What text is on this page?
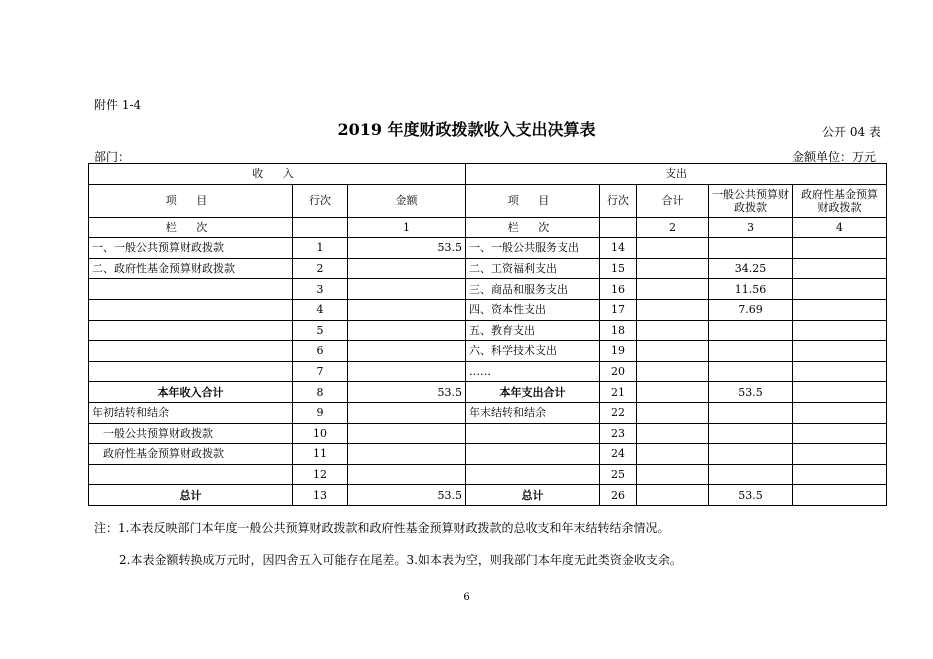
附件 1-4
2019 年度财政拨款收入支出决算表	公开 04 表
部门：	金额单位：万元
收 入			支出				
项 目	行次	金额	项 目	行次	合计	一般公共预算财政拨款	政府性基金预算财政拨款
栏 次		1	栏 次		2	3	4
一、一般公共预算财政拨款	1	53.5	一、一般公共服务支出	14			
二、政府性基金预算财政拨款	2		二、工资福利支出	15		34.25	
	3		三、商品和服务支出	16		11.56	
	4		四、资本性支出	17		7.69	
	5		五、教育支出	18			
	6		六、科学技术支出	19			
	7		……	20			
本年收入合计	8	53.5	本年支出合计	21		53.5	
年初结转和结余	9		年末结转和结余	22			
一般公共预算财政拨款	10			23			
政府性基金预算财政拨款	11			24			
	12			25			
总计	13	53.5	总计	26		53.5	
注：1.本表反映部门本年度一般公共预算财政拨款和政府性基金预算财政拨款的总收支和年末结转结余情况。
2.本表金额转换成万元时，因四舍五入可能存在尾差。3.如本表为空，则我部门本年度无此类资金收支余。
6
